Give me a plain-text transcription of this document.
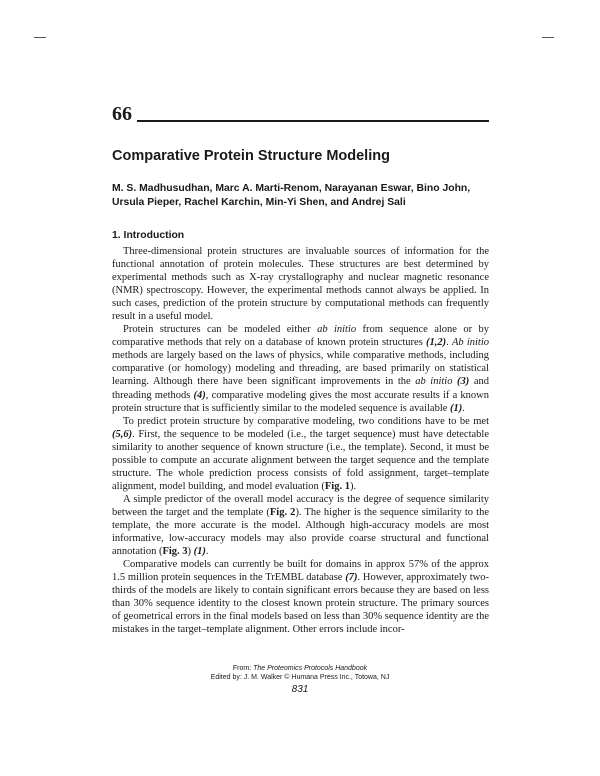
66
Comparative Protein Structure Modeling
M. S. Madhusudhan, Marc A. Marti-Renom, Narayanan Eswar, Bino John, Ursula Pieper, Rachel Karchin, Min-Yi Shen, and Andrej Sali
1. Introduction

Three-dimensional protein structures are invaluable sources of information for the functional annotation of protein molecules. These structures are best determined by experimental methods such as X-ray crystallography and nuclear magnetic resonance (NMR) spectroscopy. However, the experimental methods cannot always be applied. In such cases, prediction of the protein structure by computational methods can frequently result in a useful model.

Protein structures can be modeled either ab initio from sequence alone or by comparative methods that rely on a database of known protein structures (1,2). Ab initio methods are largely based on the laws of physics, while comparative methods, including comparative (or homology) modeling and threading, are based primarily on statistical learning. Although there have been significant improvements in the ab initio (3) and threading methods (4), comparative modeling gives the most accurate results if a known protein structure that is sufficiently similar to the modeled sequence is available (1).

To predict protein structure by comparative modeling, two conditions have to be met (5,6). First, the sequence to be modeled (i.e., the target sequence) must have detectable similarity to another sequence of known structure (i.e., the template). Second, it must be possible to compute an accurate alignment between the target sequence and the template structure. The whole prediction process consists of fold assignment, target–template alignment, model building, and model evaluation (Fig. 1).

A simple predictor of the overall model accuracy is the degree of sequence similarity between the target and the template (Fig. 2). The higher is the sequence similarity to the template, the more accurate is the model. Although high-accuracy models are most informative, low-accuracy models may also provide coarse structural and functional annotation (Fig. 3) (1).

Comparative models can currently be built for domains in approx 57% of the approx 1.5 million protein sequences in the TrEMBL database (7). However, approximately two-thirds of the models are likely to contain significant errors because they are based on less than 30% sequence identity to the closest known protein structure. The primary sources of geometrical errors in the final models based on less than 30% sequence identity are the mistakes in the target–template alignment. Other errors include incor-

From: The Proteomics Protocols Handbook
Edited by: J. M. Walker © Humana Press Inc., Totowa, NJ
831
